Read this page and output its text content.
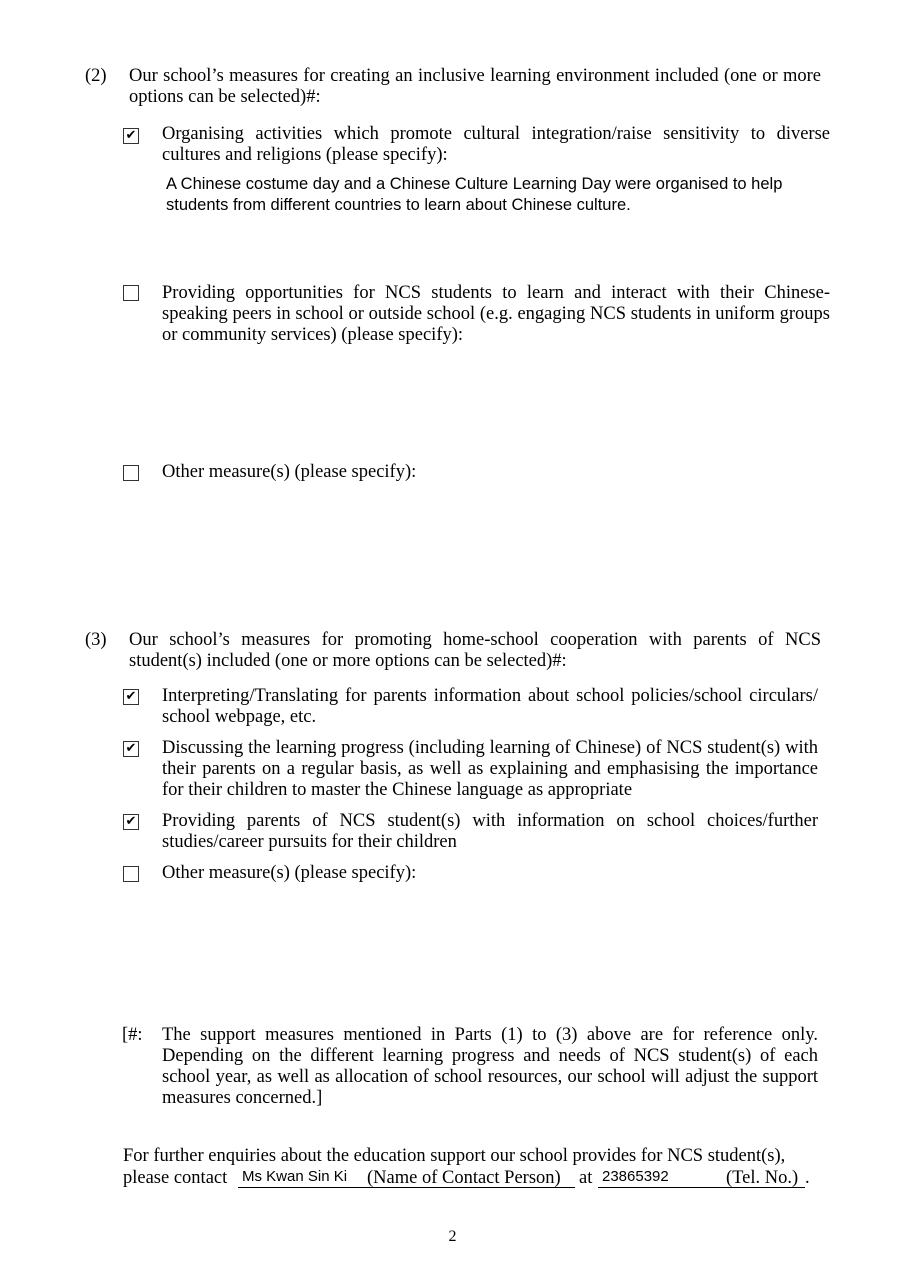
(2) Our school’s measures for creating an inclusive learning environment included (one or more options can be selected)#:
✔ Organising activities which promote cultural integration/raise sensitivity to diverse cultures and religions (please specify):
A Chinese costume day and a Chinese Culture Learning Day were organised to help students from different countries to learn about Chinese culture.
Providing opportunities for NCS students to learn and interact with their Chinese-speaking peers in school or outside school (e.g. engaging NCS students in uniform groups or community services) (please specify):
Other measure(s) (please specify):
(3) Our school’s measures for promoting home-school cooperation with parents of NCS student(s) included (one or more options can be selected)#:
✔ Interpreting/Translating for parents information about school policies/school circulars/ school webpage, etc.
✔ Discussing the learning progress (including learning of Chinese) of NCS student(s) with their parents on a regular basis, as well as explaining and emphasising the importance for their children to master the Chinese language as appropriate
✔ Providing parents of NCS student(s) with information on school choices/further studies/career pursuits for their children
Other measure(s) (please specify):
[#: The support measures mentioned in Parts (1) to (3) above are for reference only. Depending on the different learning progress and needs of NCS student(s) of each school year, as well as allocation of school resources, our school will adjust the support measures concerned.]
For further enquiries about the education support our school provides for NCS student(s),
please contact Ms Kwan Sin Ki (Name of Contact Person) at 23865392	(Tel. No.) .
2
